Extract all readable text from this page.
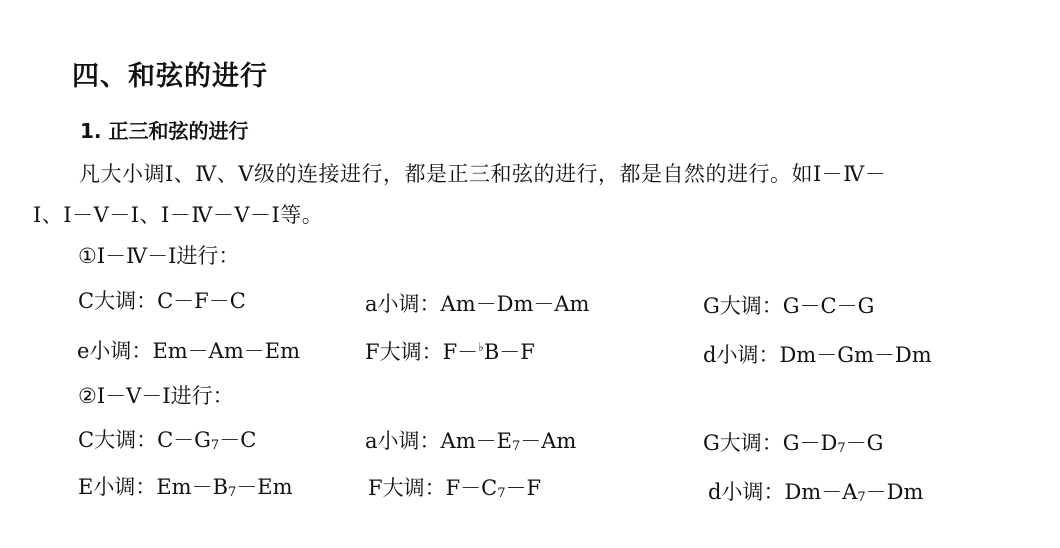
四、和弦的进行
1. 正三和弦的进行
凡大小调Ⅰ、Ⅳ、Ⅴ级的连接进行，都是正三和弦的进行，都是自然的进行。如Ⅰ－Ⅳ－
Ⅰ、Ⅰ－Ⅴ－Ⅰ、Ⅰ－Ⅳ－Ⅴ－Ⅰ等。
①Ⅰ－Ⅳ－Ⅰ进行：
C大调：C－F－C	a小调：Am－Dm－Am	G大调：G－C－G
e小调：Em－Am－Em	F大调：F－♭B－F	d小调：Dm－Gm－Dm
②Ⅰ－Ⅴ－Ⅰ进行：
C大调：$C-G_7-C$	a小调：$Am-E_7-Am$	G大调：$G-D_7-G$
E小调：$Em-B_7-Em$	F大调：$F-C_7-F$	d小调：$Dm-A_7-Dm$
